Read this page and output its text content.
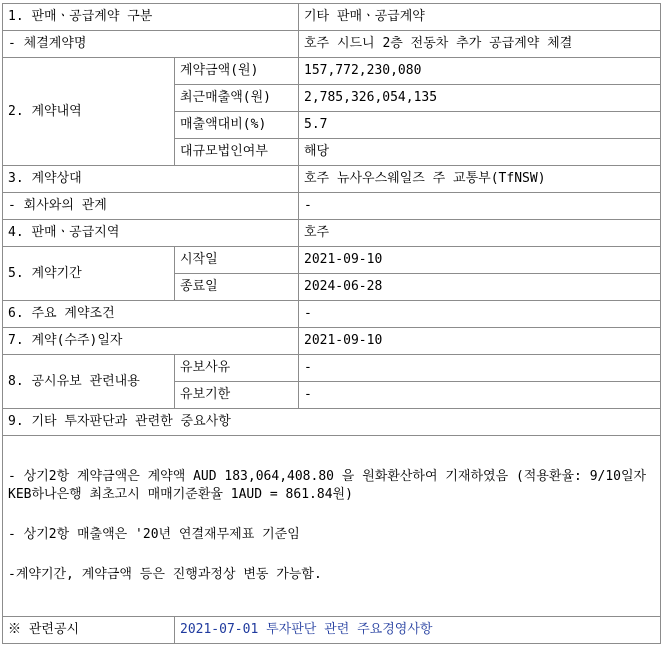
1. 판매ㆍ공급계약 구분		기타 판매ㆍ공급계약
- 체결계약명		호주 시드니 2층 전동차 추가 공급계약 체결
2. 계약내역	계약금액(원)	157,772,230,080
	최근매출액(원)	2,785,326,054,135
	매출액대비(%)	5.7
	대규모법인여부	해당
3. 계약상대		호주 뉴사우스웨일즈 주 교통부(TfNSW)
- 회사와의 관계		-
4. 판매ㆍ공급지역		호주
5. 계약기간	시작일	2021-09-10
	종료일	2024-06-28
6. 주요 계약조건		-
7. 계약(수주)일자		2021-09-10
8. 공시유보 관련내용	유보사유	-
	유보기한	-
9. 기타 투자판단과 관련한 중요사항		

- 상기2항 계약금액은 계약액 AUD 183,064,408.80 을 원화환산하여 기재하였음 (적용환율: 9/10일자 KEB하나은행 최초고시 매매기준환율 1AUD = 861.84원)
- 상기2항 매출액은 '20년 연결재무제표 기준임
-계약기간, 계약금액 등은 진행과정상 변동 가능함.		

※ 관련공시	2021-07-01 투자판단 관련 주요경영사항	
